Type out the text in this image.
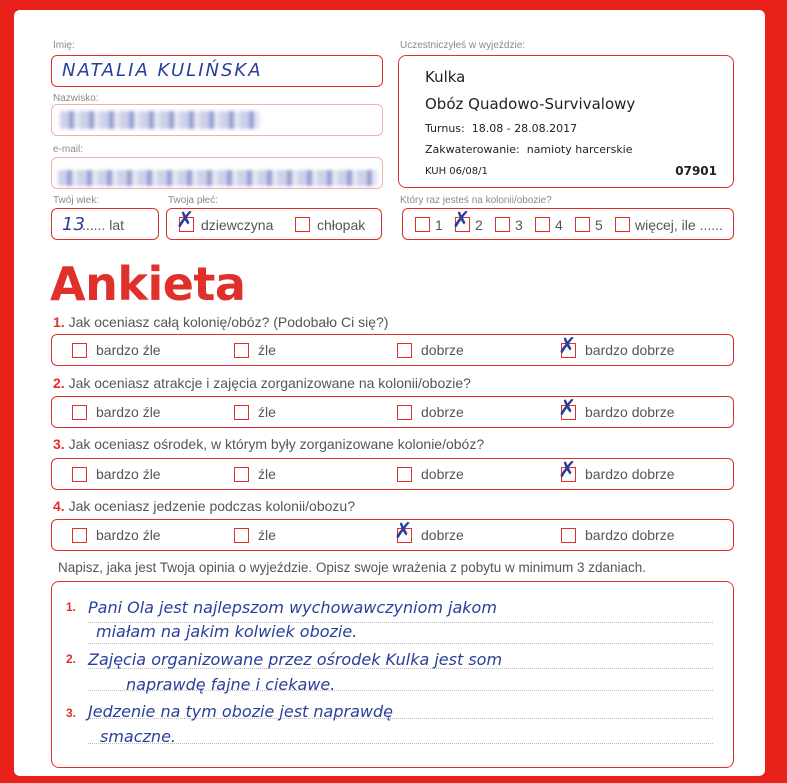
Imię:
NATALIA KULIŃSKA
Nazwisko:
e-mail:
Twój wiek:
13
...... lat
Twoja płeć:
✗ dziewczyna	chłopak
Uczestniczyłeś w wyjeździe:
Kulka
Obóz Quadowo-Survivalowy
Turnus: 18.08 - 28.08.2017
Zakwaterowanie: namioty harcerskie
KUH 06/08/1	07901
Który raz jesteś na kolonii/obozie?
1 ✗ 2 3 4 5 więcej, ile ......
Ankieta
1. Jak oceniasz całą kolonię/obóz? (Podobało Ci się?)
bardzo źle	źle	dobrze	✗ bardzo dobrze
2. Jak oceniasz atrakcje i zajęcia zorganizowane na kolonii/obozie?
bardzo źle	źle	dobrze	✗ bardzo dobrze
3. Jak oceniasz ośrodek, w którym były zorganizowane kolonie/obóz?
bardzo źle	źle	dobrze	✗ bardzo dobrze
4. Jak oceniasz jedzenie podczas kolonii/obozu?
bardzo źle	źle	✗ dobrze	bardzo dobrze
Napisz, jaka jest Twoja opinia o wyjeździe. Opisz swoje wrażenia z pobytu w minimum 3 zdaniach.
1. Pani Ola jest najlepszom wychowawczyniom jakom
miałam na jakim kolwiek obozie.
2. Zajęcia organizowane przez ośrodek Kulka jest som
naprawdę fajne i ciekawe.
3. Jedzenie na tym obozie jest naprawdę
smaczne.
